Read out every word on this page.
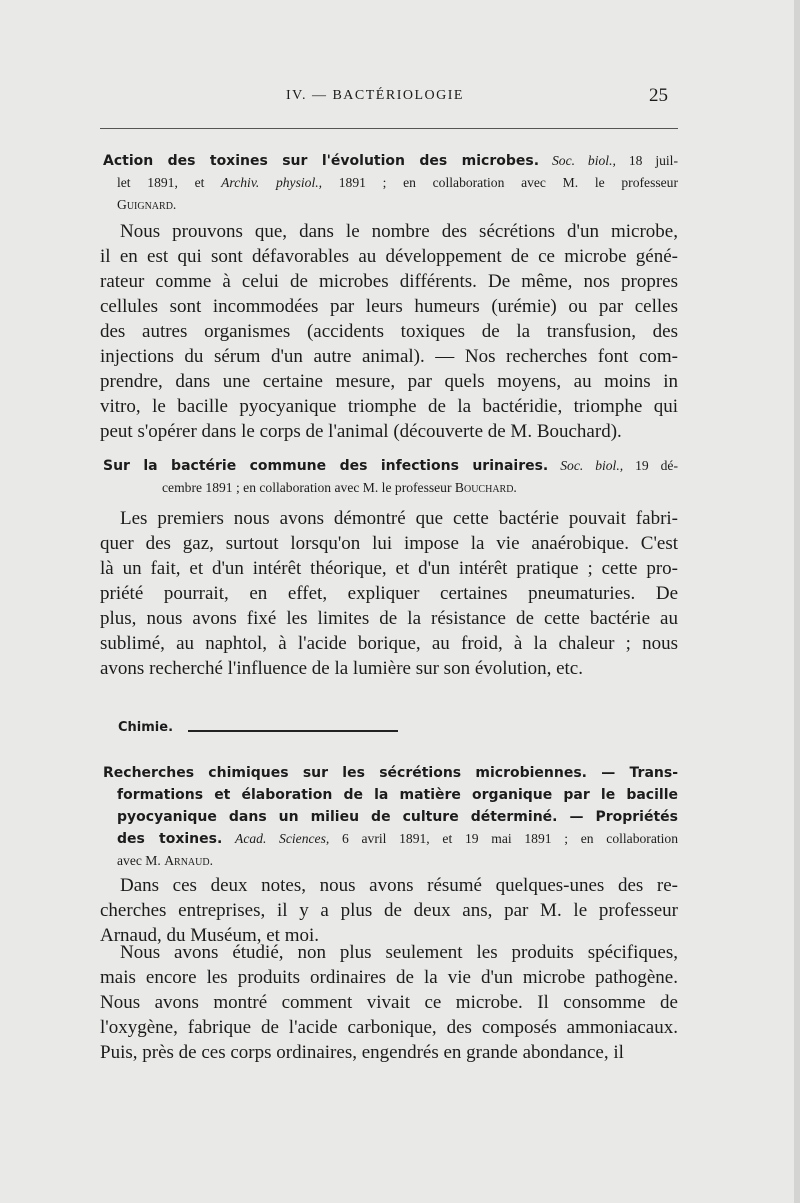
IV. — BACTÉRIOLOGIE	25
Action des toxines sur l'évolution des microbes. Soc. biol., 18 juil-
let 1891, et Archiv. physiol., 1891 ; en collaboration avec M. le professeur
Guignard.
Nous prouvons que, dans le nombre des sécrétions d'un microbe,
il en est qui sont défavorables au développement de ce microbe géné-
rateur comme à celui de microbes différents. De même, nos propres
cellules sont incommodées par leurs humeurs (urémie) ou par celles
des autres organismes (accidents toxiques de la transfusion, des
injections du sérum d'un autre animal). — Nos recherches font com-
prendre, dans une certaine mesure, par quels moyens, au moins in
vitro, le bacille pyocyanique triomphe de la bactéridie, triomphe qui
peut s'opérer dans le corps de l'animal (découverte de M. Bouchard).
Sur la bactérie commune des infections urinaires. Soc. biol., 19 dé-
cembre 1891 ; en collaboration avec M. le professeur Bouchard.
Les premiers nous avons démontré que cette bactérie pouvait fabri-
quer des gaz, surtout lorsqu'on lui impose la vie anaérobique. C'est
là un fait, et d'un intérêt théorique, et d'un intérêt pratique ; cette pro-
priété pourrait, en effet, expliquer certaines pneumaturies. De
plus, nous avons fixé les limites de la résistance de cette bactérie au
sublimé, au naphtol, à l'acide borique, au froid, à la chaleur ; nous
avons recherché l'influence de la lumière sur son évolution, etc.
Chimie.
Recherches chimiques sur les sécrétions microbiennes. — Trans-
formations et élaboration de la matière organique par le bacille
pyocyanique dans un milieu de culture déterminé. — Propriétés
des toxines. Acad. Sciences, 6 avril 1891, et 19 mai 1891 ; en collaboration
avec M. Arnaud.
Dans ces deux notes, nous avons résumé quelques-unes des re-
cherches entreprises, il y a plus de deux ans, par M. le professeur
Arnaud, du Muséum, et moi.
Nous avons étudié, non plus seulement les produits spécifiques,
mais encore les produits ordinaires de la vie d'un microbe pathogène.
Nous avons montré comment vivait ce microbe. Il consomme de
l'oxygène, fabrique de l'acide carbonique, des composés ammoniacaux.
Puis, près de ces corps ordinaires, engendrés en grande abondance, il
